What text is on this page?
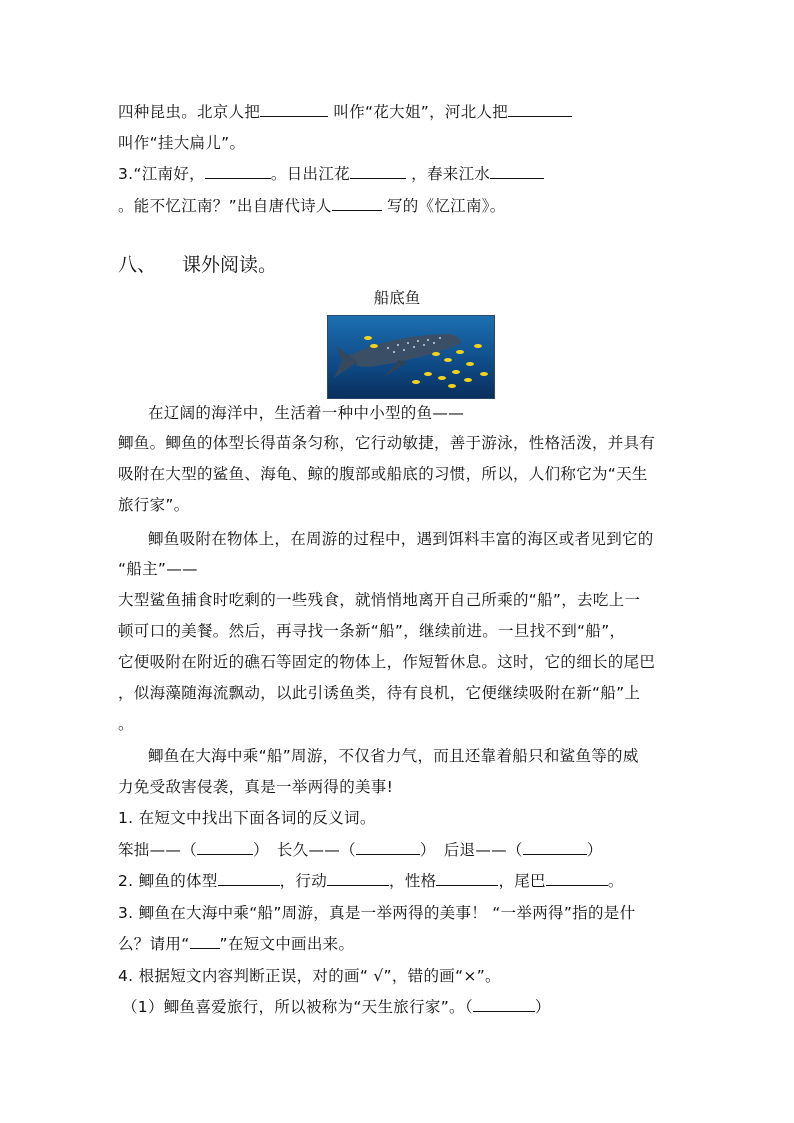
四种昆虫。北京人把	叫作“花大姐”，河北人把
叫作“挂大扁儿”。
3.“江南好，	。日出江花	，春来江水
。能不忆江南？”出自唐代诗人	写的《忆江南》。
八、 课外阅读。
船底鱼
在辽阔的海洋中，生活着一种中小型的鱼——
鲫鱼。鲫鱼的体型长得苗条匀称，它行动敏捷，善于游泳，性格活泼，并具有
吸附在大型的鲨鱼、海龟、鲸的腹部或船底的习惯，所以，人们称它为“天生
旅行家”。
鲫鱼吸附在物体上，在周游的过程中，遇到饵料丰富的海区或者见到它的
“船主”——
大型鲨鱼捕食时吃剩的一些残食，就悄悄地离开自己所乘的“船”，去吃上一
顿可口的美餐。然后，再寻找一条新“船”，继续前进。一旦找不到“船”，
它便吸附在附近的礁石等固定的物体上，作短暂休息。这时，它的细长的尾巴
，似海藻随海流飘动，以此引诱鱼类，待有良机，它便继续吸附在新“船”上
。
鲫鱼在大海中乘“船”周游，不仅省力气，而且还靠着船只和鲨鱼等的威
力免受敌害侵袭，真是一举两得的美事!
1. 在短文中找出下面各词的反义词。
笨拙——（	）　长久——（	）　后退——（	）
2. 鲫鱼的体型	，行动	，性格	，尾巴	。
3. 鲫鱼在大海中乘“船”周游，真是一举两得的美事！ “一举两得”指的是什
么？请用“ ”在短文中画出来。
4. 根据短文内容判断正误，对的画“ √”，错的画“×”。
（1）鲫鱼喜爱旅行，所以被称为“天生旅行家”。（	）
